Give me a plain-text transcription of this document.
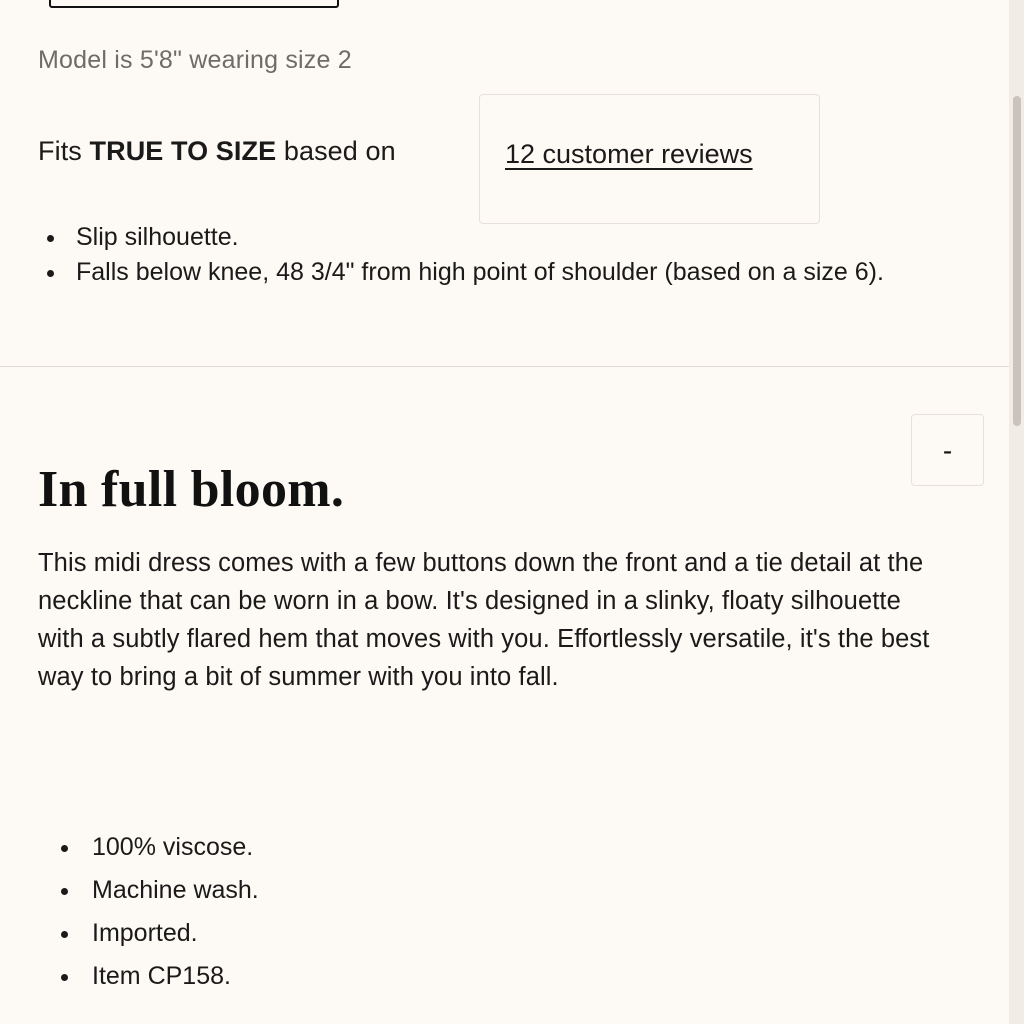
Model is 5'8" wearing size 2
Fits TRUE TO SIZE based on	12 customer reviews
• Slip silhouette.
• Falls below knee, 48 3/4" from high point of shoulder (based on a size 6).
In full bloom.
-

This midi dress comes with a few buttons down the front and a tie detail at the neckline that can be worn in a bow. It's designed in a slinky, floaty silhouette with a subtly flared hem that moves with you. Effortlessly versatile, it's the best way to bring a bit of summer with you into fall.

• 100% viscose.
• Machine wash.
• Imported.
• Item CP158.
